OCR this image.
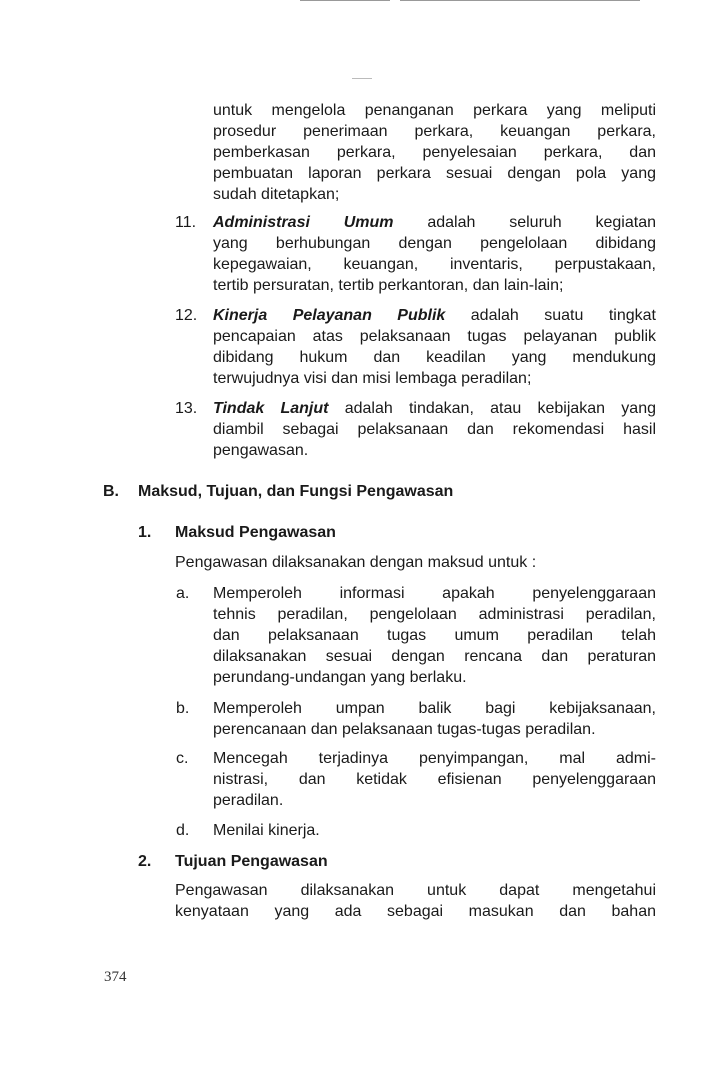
untuk mengelola penanganan perkara yang meliputi
prosedur penerimaan perkara, keuangan perkara,
pemberkasan perkara, penyelesaian perkara, dan
pembuatan laporan perkara sesuai dengan pola yang
sudah ditetapkan;
11. Administrasi Umum adalah seluruh kegiatan
yang berhubungan dengan pengelolaan dibidang
kepegawaian, keuangan, inventaris, perpustakaan,
tertib persuratan, tertib perkantoran, dan lain-lain;
12. Kinerja Pelayanan Publik adalah suatu tingkat
pencapaian atas pelaksanaan tugas pelayanan publik
dibidang hukum dan keadilan yang mendukung
terwujudnya visi dan misi lembaga peradilan;
13. Tindak Lanjut adalah tindakan, atau kebijakan yang
diambil sebagai pelaksanaan dan rekomendasi hasil
pengawasan.
B. Maksud, Tujuan, dan Fungsi Pengawasan
1. Maksud Pengawasan
Pengawasan dilaksanakan dengan maksud untuk :
a. Memperoleh informasi apakah penyelenggaraan
tehnis peradilan, pengelolaan administrasi peradilan,
dan pelaksanaan tugas umum peradilan telah
dilaksanakan sesuai dengan rencana dan peraturan
perundang-undangan yang berlaku.
b. Memperoleh umpan balik bagi kebijaksanaan,
perencanaan dan pelaksanaan tugas-tugas peradilan.
c. Mencegah terjadinya penyimpangan, mal admi-
nistrasi, dan ketidak efisienan penyelenggaraan
peradilan.
d. Menilai kinerja.
2. Tujuan Pengawasan
Pengawasan dilaksanakan untuk dapat mengetahui
kenyataan yang ada sebagai masukan dan bahan
374
